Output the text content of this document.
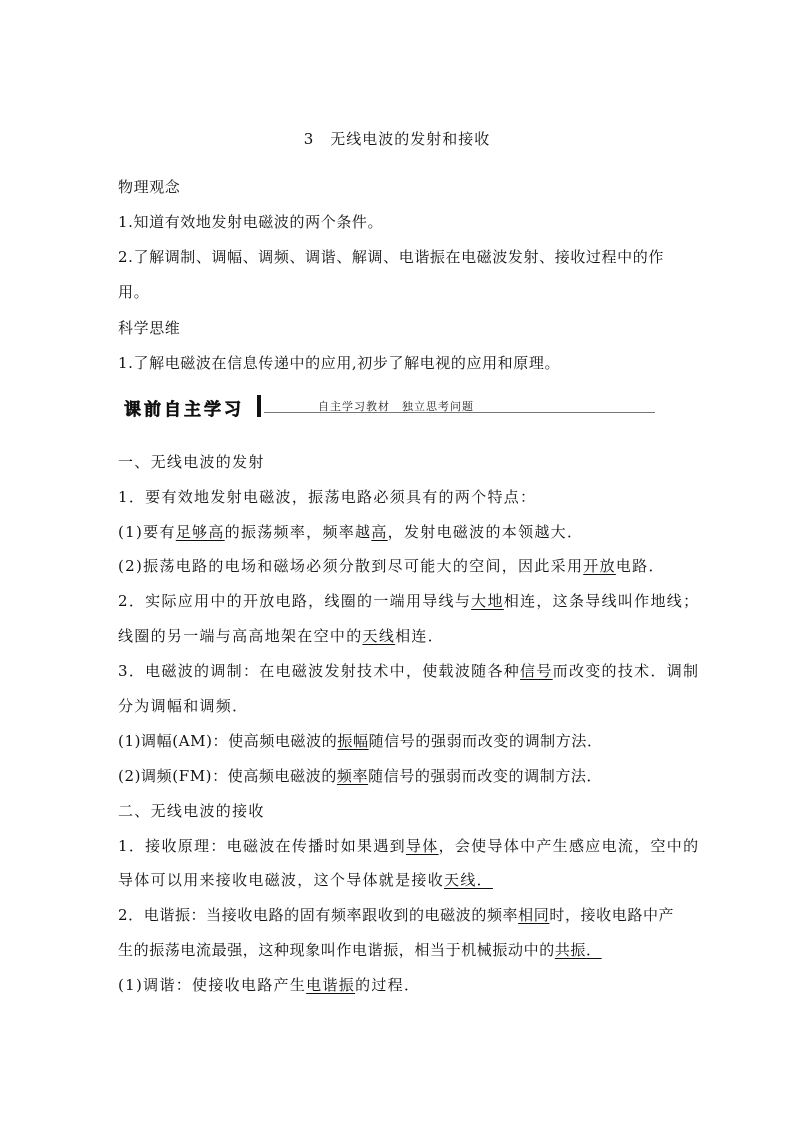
3 无线电波的发射和接收
物理观念
1.知道有效地发射电磁波的两个条件。
2.了解调制、调幅、调频、调谐、解调、电谐振在电磁波发射、接收过程中的作
用。
科学思维
1.了解电磁波在信息传递中的应用,初步了解电视的应用和原理。
课前自主学习	自主学习教材　独立思考问题
一、无线电波的发射
1．要有效地发射电磁波，振荡电路必须具有的两个特点：
(1)要有足够高的振荡频率，频率越高，发射电磁波的本领越大．
(2)振荡电路的电场和磁场必须分散到尽可能大的空间，因此采用开放电路．
2．实际应用中的开放电路，线圈的一端用导线与大地相连，这条导线叫作地线；
线圈的另一端与高高地架在空中的天线相连．
3．电磁波的调制：在电磁波发射技术中，使载波随各种信号而改变的技术．调制
分为调幅和调频．
(1)调幅(AM)：使高频电磁波的振幅随信号的强弱而改变的调制方法．
(2)调频(FM)：使高频电磁波的频率随信号的强弱而改变的调制方法．
二、无线电波的接收
1．接收原理：电磁波在传播时如果遇到导体，会使导体中产生感应电流，空中的
导体可以用来接收电磁波，这个导体就是接收天线．
2．电谐振：当接收电路的固有频率跟收到的电磁波的频率相同时，接收电路中产
生的振荡电流最强，这种现象叫作电谐振，相当于机械振动中的共振．
(1)调谐：使接收电路产生电谐振的过程．
